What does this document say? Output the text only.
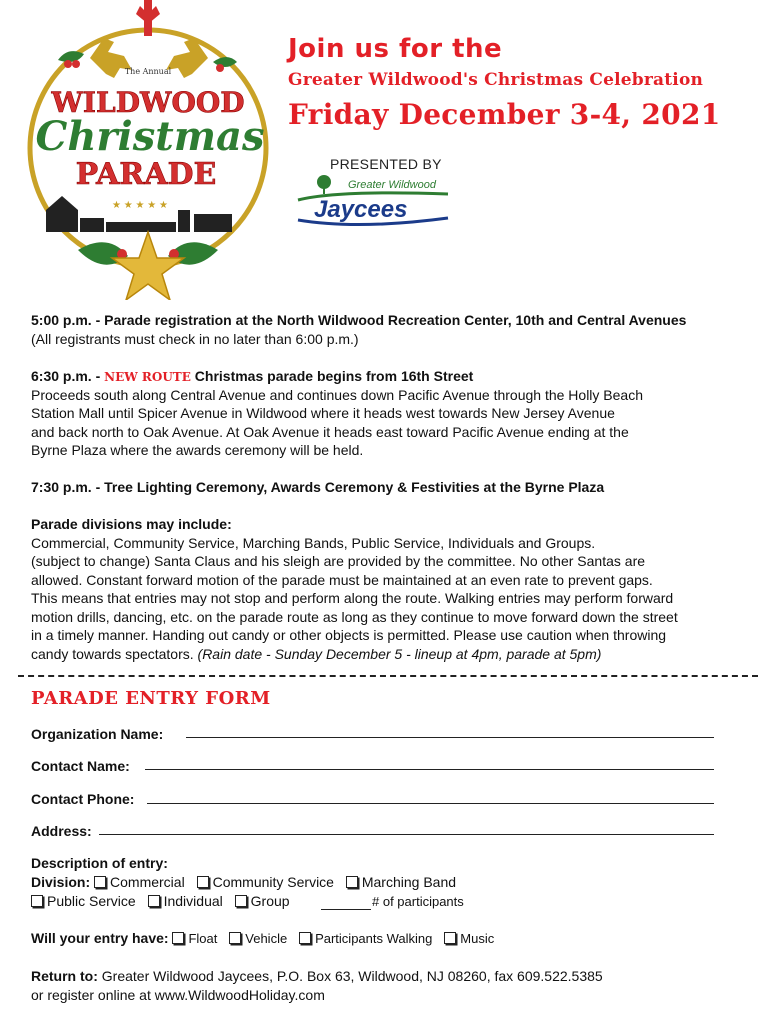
The Annual
WILDWOOD
Christmas
PARADE
★ ★ ★ ★ ★
Join us for the
Greater Wildwood's Christmas Celebration
Friday December 3-4, 2021
PRESENTED BY
Greater Wildwood
Jaycees
5:00 p.m. - Parade registration at the North Wildwood Recreation Center, 10th and Central Avenues
(All registrants must check in no later than 6:00 p.m.)
6:30 p.m. - NEW ROUTE Christmas parade begins from 16th Street
Proceeds south along Central Avenue and continues down Pacific Avenue through the Holly Beach
Station Mall until Spicer Avenue in Wildwood where it heads west towards New Jersey Avenue
and back north to Oak Avenue. At Oak Avenue it heads east toward Pacific Avenue ending at the
Byrne Plaza where the awards ceremony will be held.
7:30 p.m. - Tree Lighting Ceremony, Awards Ceremony & Festivities at the Byrne Plaza
Parade divisions may include:
Commercial, Community Service, Marching Bands, Public Service, Individuals and Groups.
(subject to change) Santa Claus and his sleigh are provided by the committee. No other Santas are
allowed. Constant forward motion of the parade must be maintained at an even rate to prevent gaps.
This means that entries may not stop and perform along the route. Walking entries may perform forward
motion drills, dancing, etc. on the parade route as long as they continue to move forward down the street
in a timely manner. Handing out candy or other objects is permitted. Please use caution when throwing
candy towards spectators. (Rain date - Sunday December 5 - lineup at 4pm, parade at 5pm)
PARADE ENTRY FORM
Organization Name:
Contact Name:
Contact Phone:
Address:
Description of entry:
Division: Commercial Community Service Marching Band
Public Service Individual Group	# of participants
Will your entry have: Float Vehicle Participants Walking Music
Return to: Greater Wildwood Jaycees, P.O. Box 63, Wildwood, NJ 08260, fax 609.522.5385
or register online at www.WildwoodHoliday.com
